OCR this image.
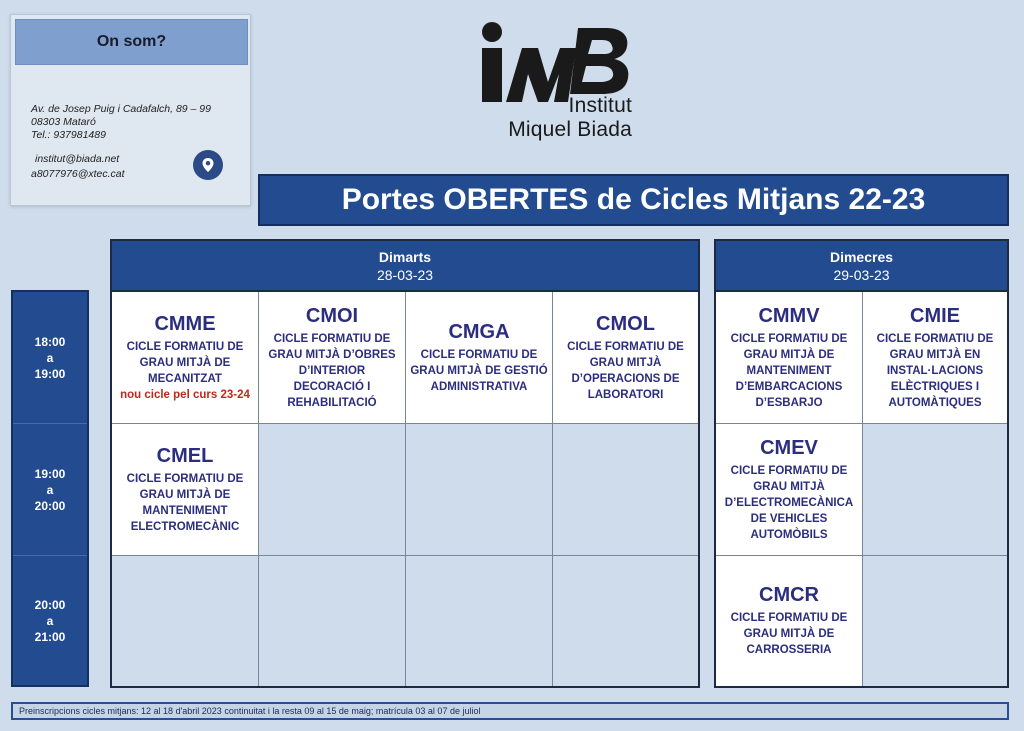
On som?
Av. de Josep Puig i Cadafalch, 89 – 99
08303 Mataró
Tel.: 937981489
institut@biada.net
a8077976@xtec.cat
Institut
Miquel Biada
Portes OBERTES de Cicles Mitjans 22-23
18:00
a
19:00
19:00
a
20:00
20:00
a
21:00
Dimarts
28-03-23
CMME
CICLE FORMATIU DE GRAU MITJÀ DE MECANITZAT
nou cicle pel curs 23-24
CMOI
CICLE FORMATIU DE GRAU MITJÀ D’OBRES D’INTERIOR DECORACIÓ I REHABILITACIÓ
CMGA
CICLE FORMATIU DE GRAU MITJÀ DE GESTIÓ ADMINISTRATIVA
CMOL
CICLE FORMATIU DE GRAU MITJÀ D’OPERACIONS DE LABORATORI
CMEL
CICLE FORMATIU DE GRAU MITJÀ DE MANTENIMENT ELECTROMECÀNIC
Dimecres
29-03-23
CMMV
CICLE FORMATIU DE GRAU MITJÀ DE MANTENIMENT D’EMBARCACIONS D’ESBARJO
CMIE
CICLE FORMATIU DE GRAU MITJÀ EN INSTAL·LACIONS ELÈCTRIQUES I AUTOMÀTIQUES
CMEV
CICLE FORMATIU DE GRAU MITJÀ D’ELECTROMECÀNICA DE VEHICLES AUTOMÒBILS
CMCR
CICLE FORMATIU DE GRAU MITJÀ DE CARROSSERIA
Preinscripcions cicles mitjans: 12 al 18 d'abril 2023 continuitat i la resta 09 al 15 de maig; matrícula 03 al 07 de juliol
